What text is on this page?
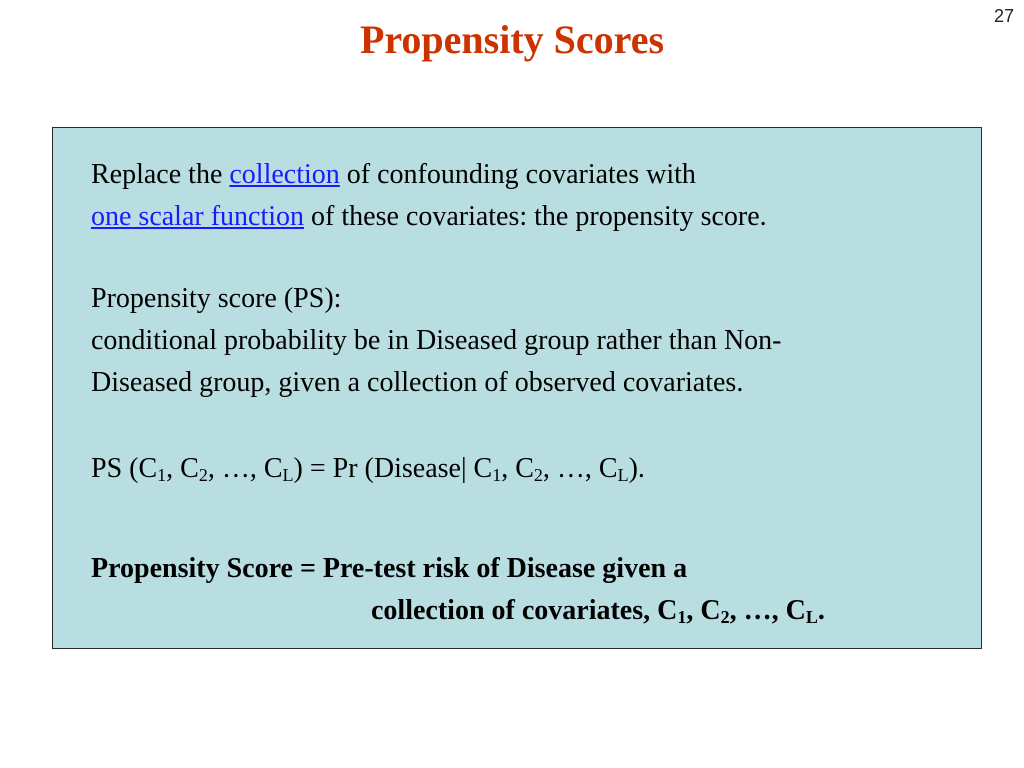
27
Propensity Scores
Replace the collection of confounding covariates with
one scalar function of these covariates: the propensity score.
Propensity score (PS):
conditional probability be in Diseased group rather than Non-
Diseased group, given a collection of observed covariates.
PS ($C_1$, $C_2$, …, $C_L) = Pr$ (Disease| $C_1$, $C_2$, …, $C_L$).
Propensity Score = Pre-test risk of Disease given a
collection of covariates, $C_1$, $C_2$, …, $C_L$.
